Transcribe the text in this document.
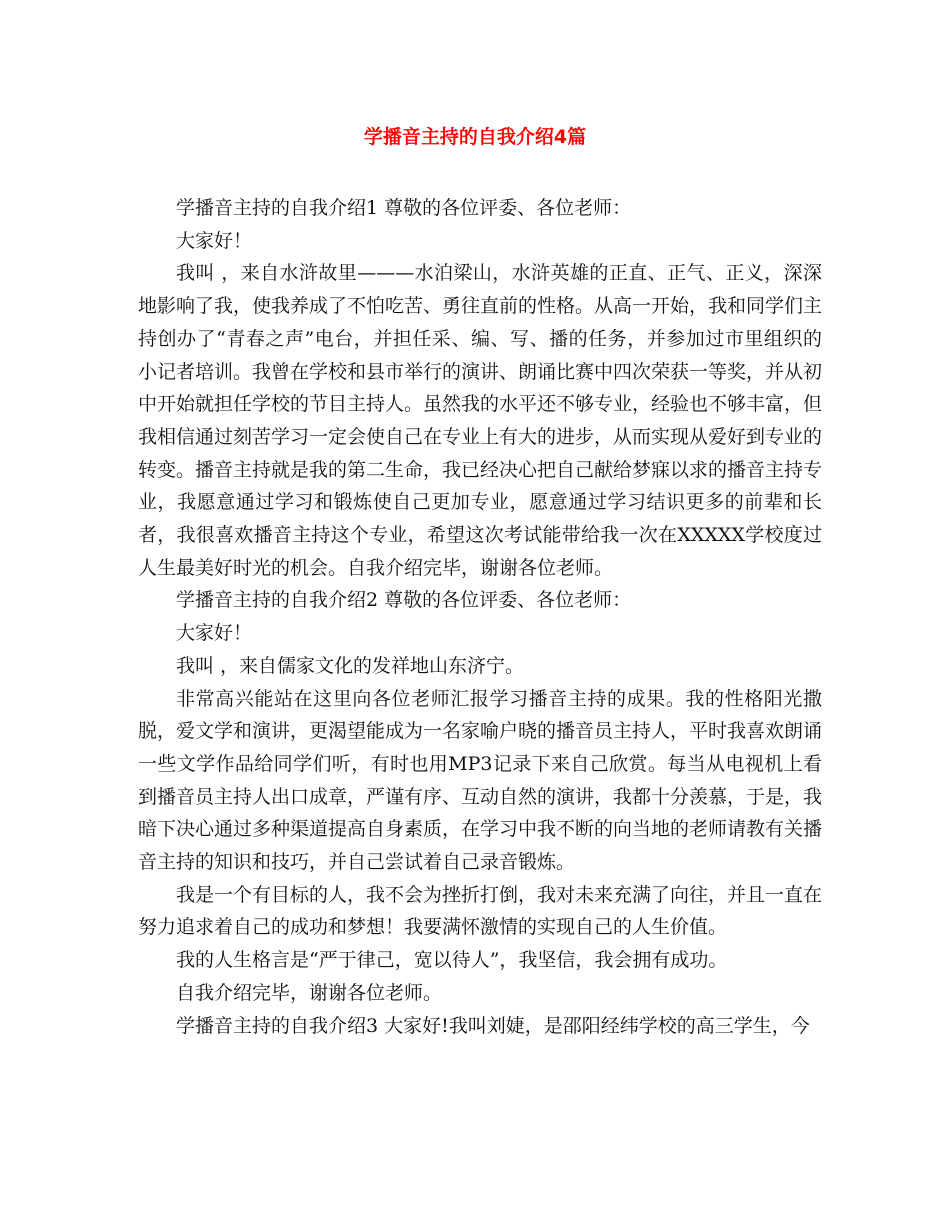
学播音主持的自我介绍4篇

学播音主持的自我介绍1 尊敬的各位评委、各位老师：

大家好！

我叫 ，来自水浒故里———水泊梁山，水浒英雄的正直、正气、正义，深深地影响了我，使我养成了不怕吃苦、勇往直前的性格。从高一开始，我和同学们主持创办了“青春之声”电台，并担任采、编、写、播的任务，并参加过市里组织的小记者培训。我曾在学校和县市举行的演讲、朗诵比赛中四次荣获一等奖，并从初中开始就担任学校的节目主持人。虽然我的水平还不够专业，经验也不够丰富，但我相信通过刻苦学习一定会使自己在专业上有大的进步，从而实现从爱好到专业的转变。播音主持就是我的第二生命，我已经决心把自己献给梦寐以求的播音主持专业，我愿意通过学习和锻炼使自己更加专业，愿意通过学习结识更多的前辈和长者，我很喜欢播音主持这个专业，希望这次考试能带给我一次在XXXXX学校度过人生最美好时光的机会。自我介绍完毕，谢谢各位老师。

学播音主持的自我介绍2 尊敬的各位评委、各位老师：

大家好！

我叫 ，来自儒家文化的发祥地山东济宁。

非常高兴能站在这里向各位老师汇报学习播音主持的成果。我的性格阳光撒脱，爱文学和演讲，更渴望能成为一名家喻户晓的播音员主持人，平时我喜欢朗诵一些文学作品给同学们听，有时也用MP3记录下来自己欣赏。每当从电视机上看到播音员主持人出口成章，严谨有序、互动自然的演讲，我都十分羡慕，于是，我暗下决心通过多种渠道提高自身素质，在学习中我不断的向当地的老师请教有关播音主持的知识和技巧，并自己尝试着自己录音锻炼。

我是一个有目标的人，我不会为挫折打倒，我对未来充满了向往，并且一直在努力追求着自己的成功和梦想！我要满怀激情的实现自己的人生价值。

我的人生格言是“严于律己，宽以待人”，我坚信，我会拥有成功。

自我介绍完毕，谢谢各位老师。

学播音主持的自我介绍3 大家好!我叫刘婕，是邵阳经纬学校的高三学生，今
